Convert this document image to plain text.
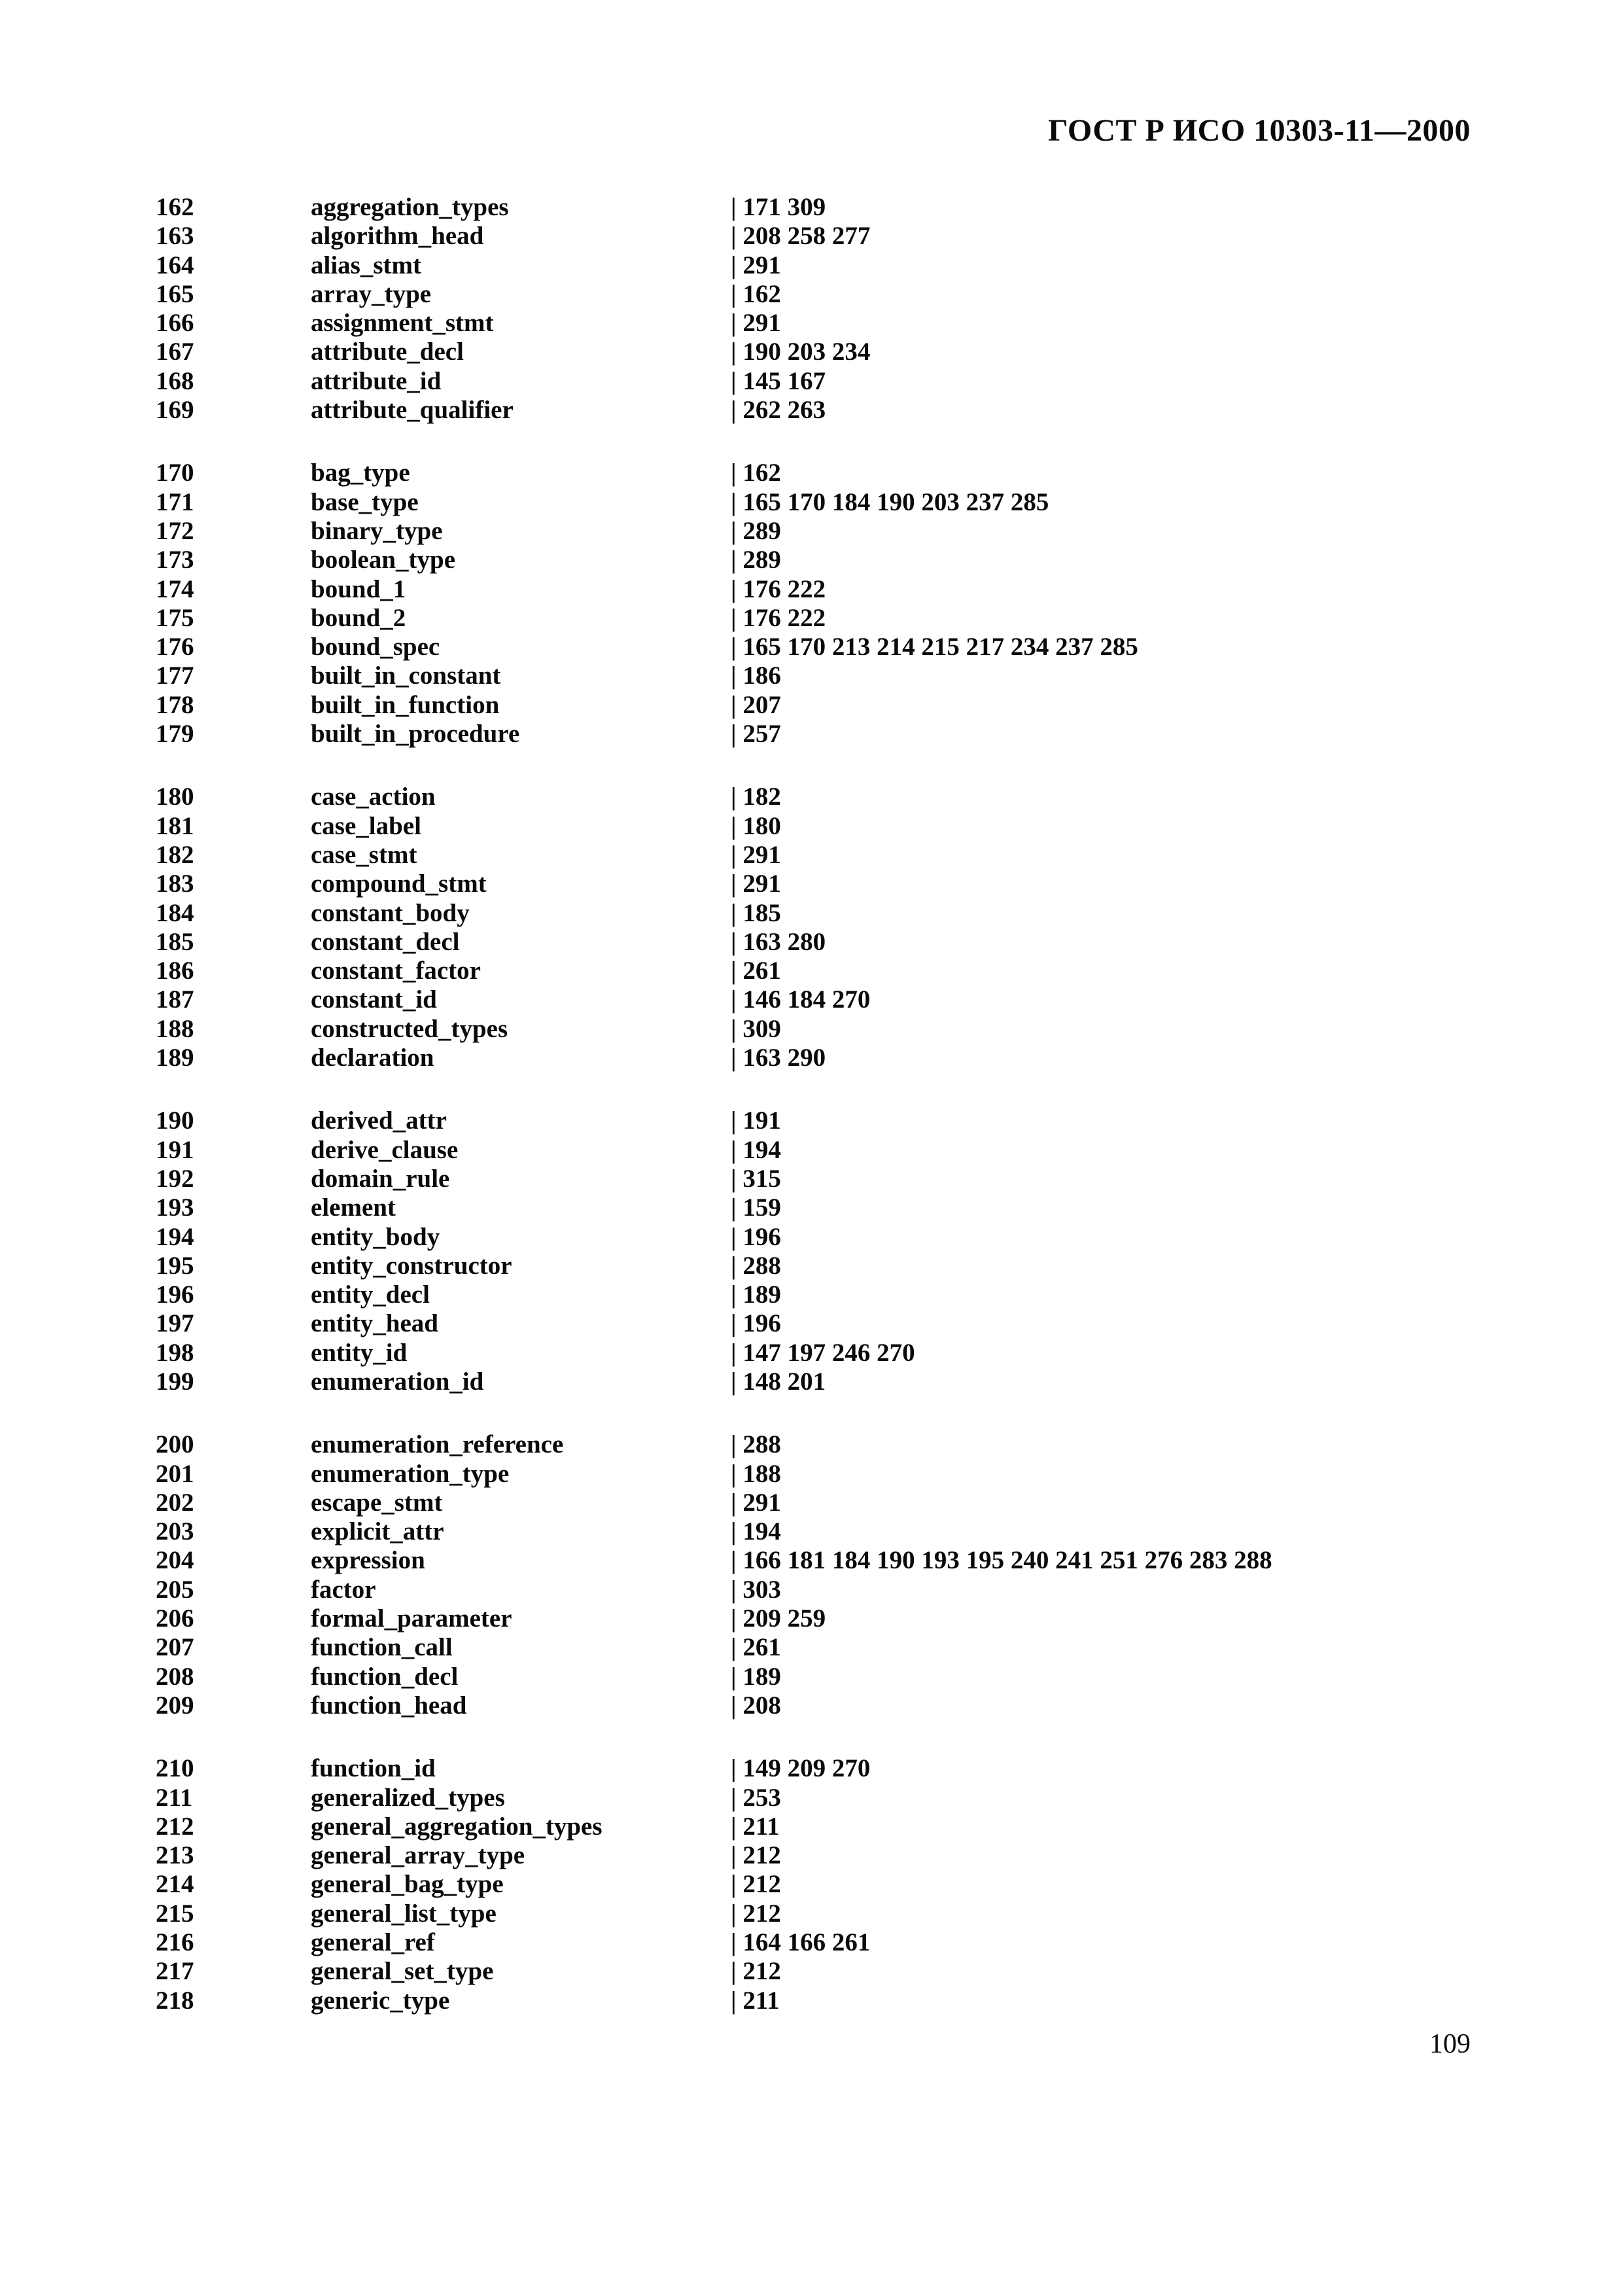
ГОСТ Р ИСО 10303-11—2000
162	aggregation_types	| 171 309
163	algorithm_head	| 208 258 277
164	alias_stmt	| 291
165	array_type	| 162
166	assignment_stmt	| 291
167	attribute_decl	| 190 203 234
168	attribute_id	| 145 167
169	attribute_qualifier	| 262 263
170	bag_type	| 162
171	base_type	| 165 170 184 190 203 237 285
172	binary_type	| 289
173	boolean_type	| 289
174	bound_1	| 176 222
175	bound_2	| 176 222
176	bound_spec	| 165 170 213 214 215 217 234 237 285
177	built_in_constant	| 186
178	built_in_function	| 207
179	built_in_procedure	| 257
180	case_action	| 182
181	case_label	| 180
182	case_stmt	| 291
183	compound_stmt	| 291
184	constant_body	| 185
185	constant_decl	| 163 280
186	constant_factor	| 261
187	constant_id	| 146 184 270
188	constructed_types	| 309
189	declaration	| 163 290
190	derived_attr	| 191
191	derive_clause	| 194
192	domain_rule	| 315
193	element	| 159
194	entity_body	| 196
195	entity_constructor	| 288
196	entity_decl	| 189
197	entity_head	| 196
198	entity_id	| 147 197 246 270
199	enumeration_id	| 148 201
200	enumeration_reference	| 288
201	enumeration_type	| 188
202	escape_stmt	| 291
203	explicit_attr	| 194
204	expression	| 166 181 184 190 193 195 240 241 251 276 283 288
205	factor	| 303
206	formal_parameter	| 209 259
207	function_call	| 261
208	function_decl	| 189
209	function_head	| 208
210	function_id	| 149 209 270
211	generalized_types	| 253
212	general_aggregation_types	| 211
213	general_array_type	| 212
214	general_bag_type	| 212
215	general_list_type	| 212
216	general_ref	| 164 166 261
217	general_set_type	| 212
218	generic_type	| 211
109
